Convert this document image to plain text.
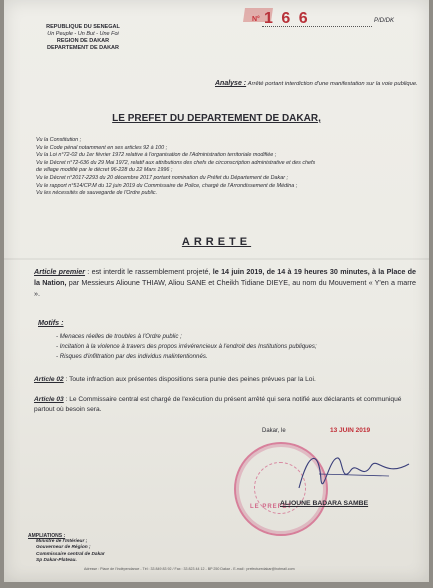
REPUBLIQUE DU SENEGAL
Un Peuple - Un But - Une Foi
REGION DE DAKAR
DEPARTEMENT DE DAKAR
N° 1 6 6	P/D/DK
Analyse : Arrêté portant interdiction d'une manifestation sur la voie publique.
LE PREFET DU DEPARTEMENT DE DAKAR,
Vu la Constitution ;
Vu le Code pénal notamment en ses articles 92 à 100 ;
Vu la Loi n°72-02 du 1er février 1972 relative à l'organisation de l'Administration territoriale modifiée ;
Vu le Décret n°72-636 du 29 Mai 1972, relatif aux attributions des chefs de circonscription administrative et des chefs
de village modifié par le décret 96-228 du 22 Mars 1996 ;
Vu le Décret n°2017-2293 du 20 décembre 2017 portant nomination du Préfet du Département de Dakar ;
Vu le rapport n°514/CP.M du 12 juin 2019 du Commissaire de Police, chargé de l'Arrondissement de Médina ;
Vu les nécessités de sauvegarde de l'Ordre public.
ARRETE
Article premier : est interdit le rassemblement projeté, le 14 juin 2019, de 14 à 19 heures 30 minutes, à la Place de la Nation, par Messieurs Alioune THIAW, Aliou SANE et Cheikh Tidiane DIEYE, au nom du Mouvement « Y'en a marre ».
Motifs :
- Menaces réelles de troubles à l'Ordre public ;
- Incitation à la violence à travers des propos irrévérencieux à l'endroit des Institutions publiques;
- Risques d'infiltration par des individus malintentionnés.
Article 02 : Toute infraction aux présentes dispositions sera punie des peines prévues par la Loi.
Article 03 : Le Commissaire central est chargé de l'exécution du présent arrêté qui sera notifié aux déclarants et communiqué partout où besoin sera.
Dakar, le	13 JUIN 2019
LE PREFET
ALIOUNE BADARA SAMBE
AMPLIATIONS :
Ministre de l'Intérieur ;
Gouverneur de Région ;
Commissaire central de Dakar
Sp Dakar-Plateau.
Adresse : Place de l'Indépendance - Tél : 33 849 83 92 / Fax : 33 823 44 12 - BP 250 Dakar - E-mail : prefecturedakar@hotmail.com
